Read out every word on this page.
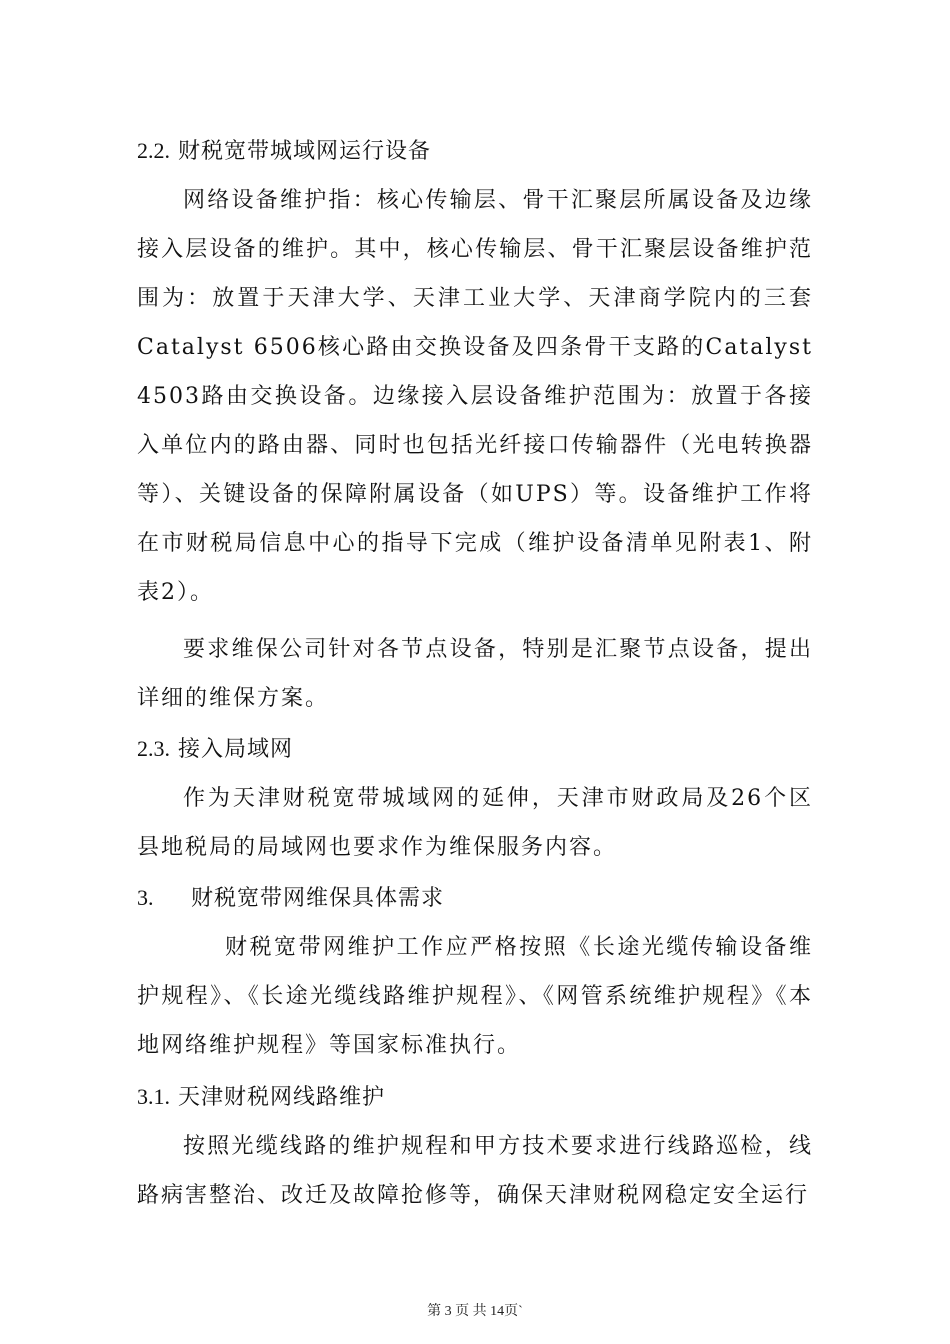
2.2. 财税宽带城域网运行设备

网络设备维护指：核心传输层、骨干汇聚层所属设备及边缘接入层设备的维护。其中，核心传输层、骨干汇聚层设备维护范围为：放置于天津大学、天津工业大学、天津商学院内的三套Catalyst 6506核心路由交换设备及四条骨干支路的Catalyst 4503路由交换设备。边缘接入层设备维护范围为：放置于各接入单位内的路由器、同时也包括光纤接口传输器件（光电转换器等）、关键设备的保障附属设备（如UPS）等。设备维护工作将在市财税局信息中心的指导下完成（维护设备清单见附表1、附表2）。

要求维保公司针对各节点设备，特别是汇聚节点设备，提出详细的维保方案。

2.3. 接入局域网

作为天津财税宽带城域网的延伸，天津市财政局及26个区县地税局的局域网也要求作为维保服务内容。

3. 财税宽带网维保具体需求

财税宽带网维护工作应严格按照《长途光缆传输设备维护规程》、《长途光缆线路维护规程》、《网管系统维护规程》《本地网络维护规程》等国家标准执行。

3.1. 天津财税网线路维护

按照光缆线路的维护规程和甲方技术要求进行线路巡检，线路病害整治、改迁及故障抢修等，确保天津财税网稳定安全运行

第 3 页 共 14页`
